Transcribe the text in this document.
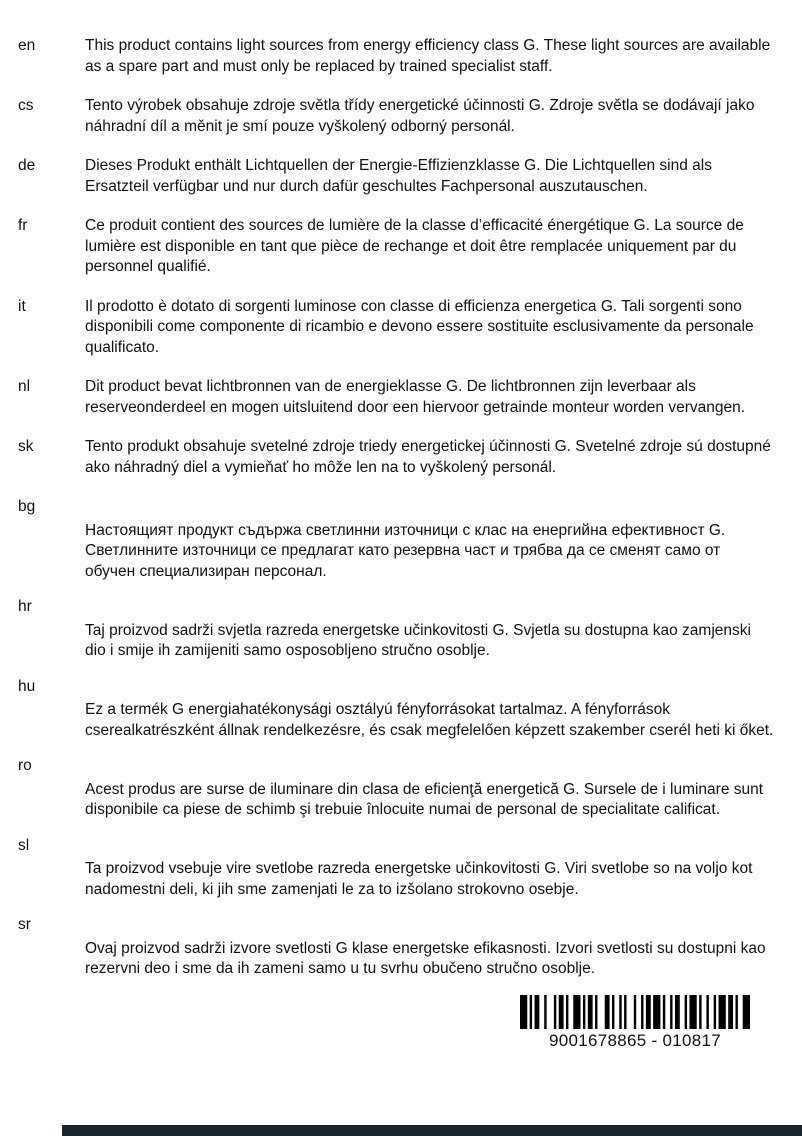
en	This product contains light sources from energy efficiency class G. These light sources are available as a spare part and must only be replaced by trained specialist staff.
cs	Tento výrobek obsahuje zdroje světla třídy energetické účinnosti G. Zdroje světla se dodávají jako náhradní díl a měnit je smí pouze vyškolený odborný personál.
de	Dieses Produkt enthält Lichtquellen der Energie-Effizienzklasse G. Die Lichtquellen sind als Ersatzteil verfügbar und nur durch dafür geschultes Fachpersonal auszutauschen.
fr	Ce produit contient des sources de lumière de la classe d’efficacité énergétique G. La source de lumière est disponible en tant que pièce de rechange et doit être remplacée uniquement par du personnel qualifié.
it	Il prodotto è dotato di sorgenti luminose con classe di efficienza energetica G. Tali sorgenti sono disponibili come componente di ricambio e devono essere sostituite esclusivamente da personale qualificato.
nl	Dit product bevat lichtbronnen van de energieklasse G. De lichtbronnen zijn leverbaar als reserveonderdeel en mogen uitsluitend door een hiervoor getrainde monteur worden vervangen.
sk	Tento produkt obsahuje svetelné zdroje triedy energetickej účinnosti G. Svetelné zdroje sú dostupné ako náhradný diel a vymieňať ho môže len na to vyškolený personál.
bg
Настоящият продукт съдържа светлинни източници с клас на енергийна ефективност G. Светлинните източници се предлагат като резервна част и трябва да се сменят само от обучен специализиран персонал.
hr
Taj proizvod sadrži svjetla razreda energetske učinkovitosti G. Svjetla su dostupna kao zamjenski dio i smije ih zamijeniti samo osposobljeno stručno osoblje.
hu
Ez a termék G energiahatékonysági osztályú fényforrásokat tartalmaz. A fényforrások cserealkatrészként állnak rendelkezésre, és csak megfelelően képzett szakember cserél heti ki őket.
ro
Acest produs are surse de iluminare din clasa de eficienţă energetică G. Sursele de i luminare sunt disponibile ca piese de schimb şi trebuie înlocuite numai de personal de specialitate calificat.
sl
Ta proizvod vsebuje vire svetlobe razreda energetske učinkovitosti G. Viri svetlobe so na voljo kot nadomestni deli, ki jih sme zamenjati le za to izšolano strokovno osebje.
sr
Ovaj proizvod sadrži izvore svetlosti G klase energetske efikasnosti. Izvori svetlosti su dostupni kao rezervni deo i sme da ih zameni samo u tu svrhu obučeno stručno osoblje.
9001678865 - 010817
